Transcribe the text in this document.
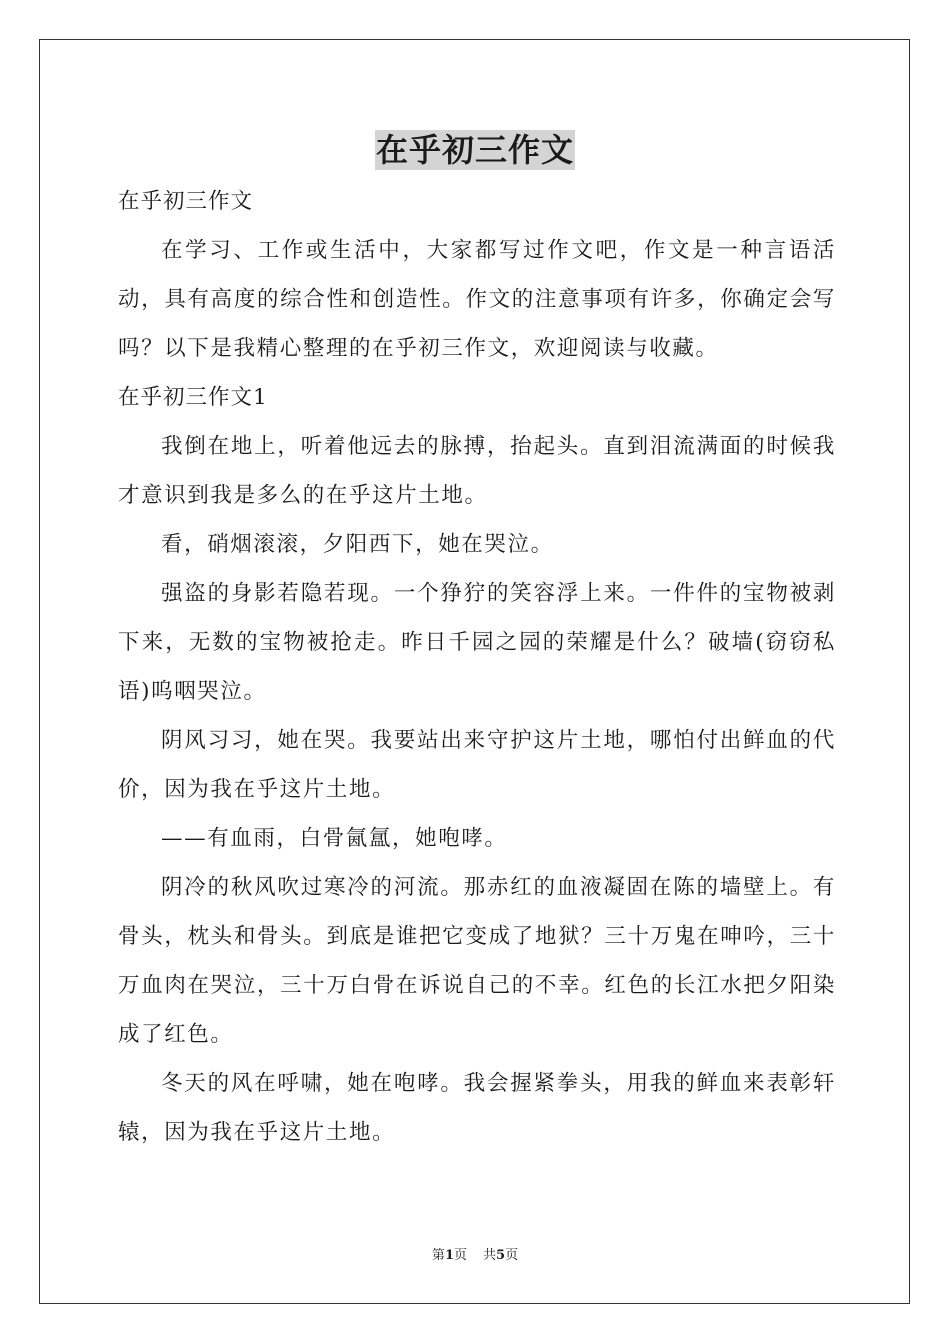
在乎初三作文

在乎初三作文

在学习、工作或生活中，大家都写过作文吧，作文是一种言语活动，具有高度的综合性和创造性。作文的注意事项有许多，你确定会写吗？以下是我精心整理的在乎初三作文，欢迎阅读与收藏。

在乎初三作文1

我倒在地上，听着他远去的脉搏，抬起头。直到泪流满面的时候我才意识到我是多么的在乎这片土地。

看，硝烟滚滚，夕阳西下，她在哭泣。

强盗的身影若隐若现。一个狰狞的笑容浮上来。一件件的宝物被剥下来，无数的宝物被抢走。昨日千园之园的荣耀是什么？破墙(窃窃私语)呜咽哭泣。

阴风习习，她在哭。我要站出来守护这片土地，哪怕付出鲜血的代价，因为我在乎这片土地。

——有血雨，白骨氤氲，她咆哮。

阴冷的秋风吹过寒冷的河流。那赤红的血液凝固在陈的墙壁上。有骨头，枕头和骨头。到底是谁把它变成了地狱？三十万鬼在呻吟，三十万血肉在哭泣，三十万白骨在诉说自己的不幸。红色的长江水把夕阳染成了红色。

冬天的风在呼啸，她在咆哮。我会握紧拳头，用我的鲜血来表彰轩辕，因为我在乎这片土地。

第1页 共5页
